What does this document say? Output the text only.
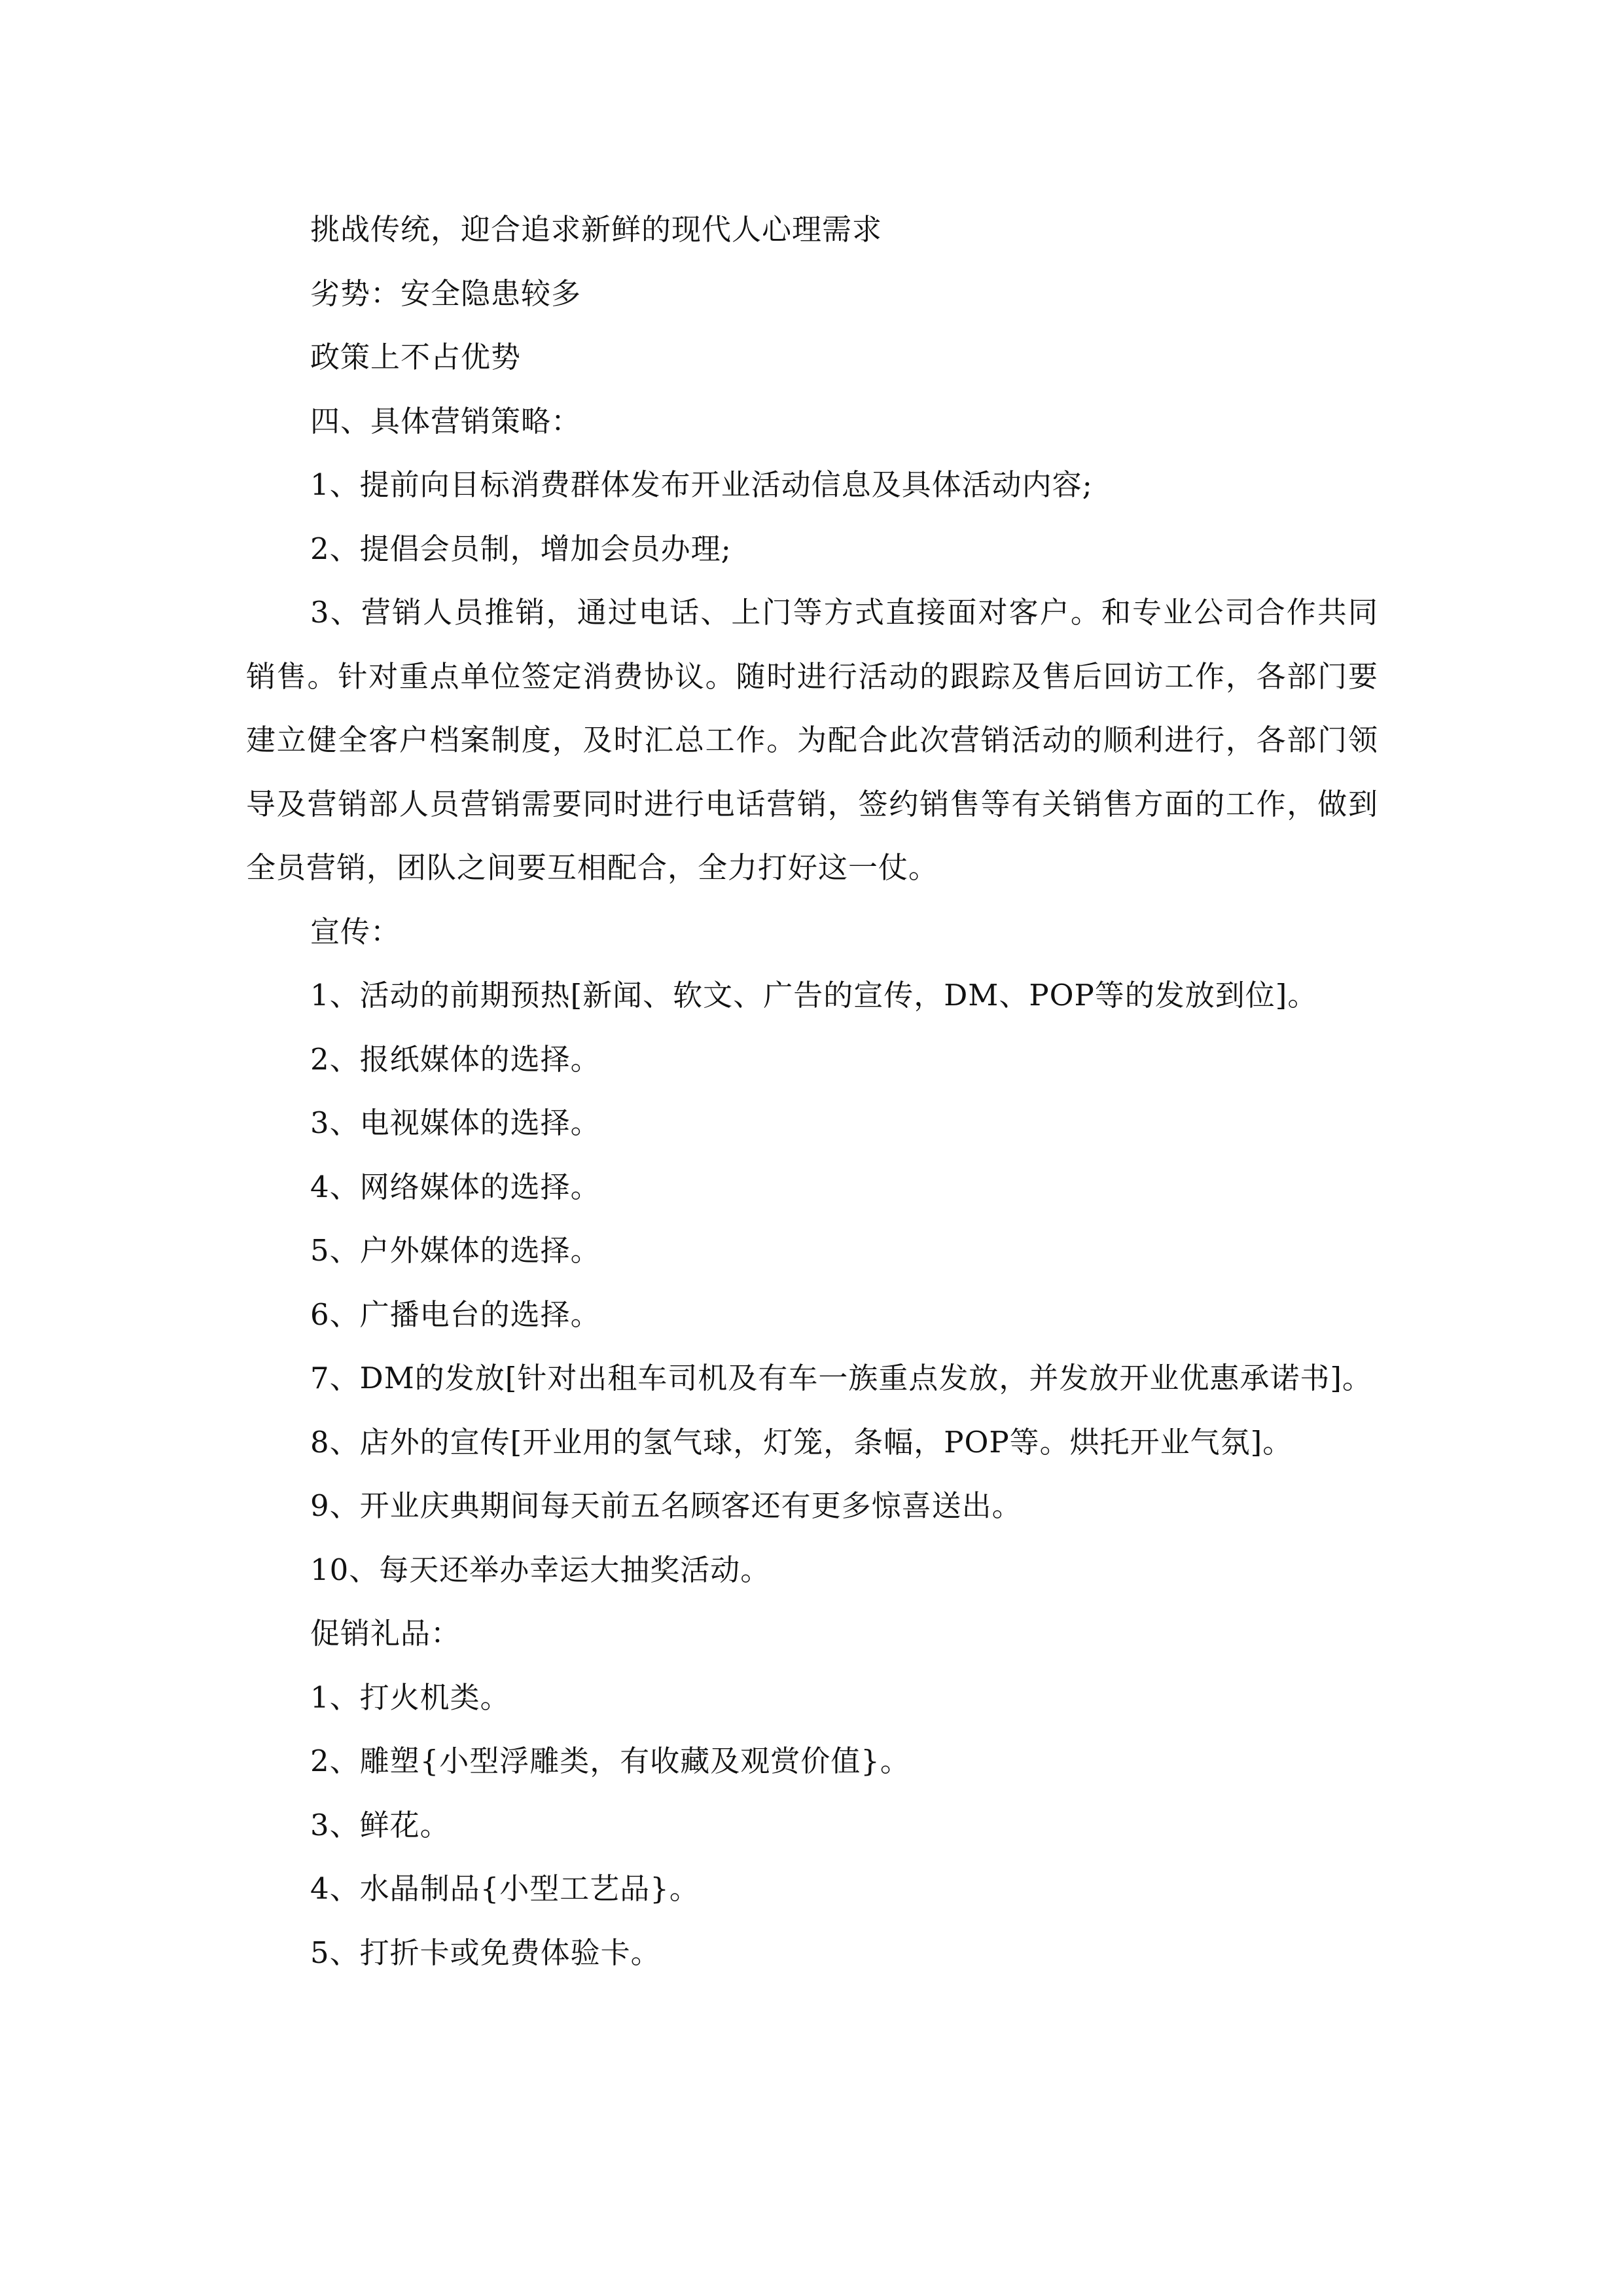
挑战传统，迎合追求新鲜的现代人心理需求
劣势：安全隐患较多
政策上不占优势
四、具体营销策略：
1、提前向目标消费群体发布开业活动信息及具体活动内容;
2、提倡会员制，增加会员办理;

3、营销人员推销，通过电话、上门等方式直接面对客户。和专业公司合作共同销售。针对重点单位签定消费协议。随时进行活动的跟踪及售后回访工作，各部门要建立健全客户档案制度，及时汇总工作。为配合此次营销活动的顺利进行，各部门领导及营销部人员营销需要同时进行电话营销，签约销售等有关销售方面的工作，做到全员营销，团队之间要互相配合，全力打好这一仗。

宣传：
1、活动的前期预热[新闻、软文、广告的宣传，DM、POP等的发放到位]。
2、报纸媒体的选择。
3、电视媒体的选择。
4、网络媒体的选择。
5、户外媒体的选择。
6、广播电台的选择。

7、DM的发放[针对出租车司机及有车一族重点发放，并发放开业优惠承诺书]。

8、店外的宣传[开业用的氢气球，灯笼，条幅，POP等。烘托开业气氛]。
9、开业庆典期间每天前五名顾客还有更多惊喜送出。
10、每天还举办幸运大抽奖活动。
促销礼品：
1、打火机类。
2、雕塑{小型浮雕类，有收藏及观赏价值}。
3、鲜花。
4、水晶制品{小型工艺品}。
5、打折卡或免费体验卡。
